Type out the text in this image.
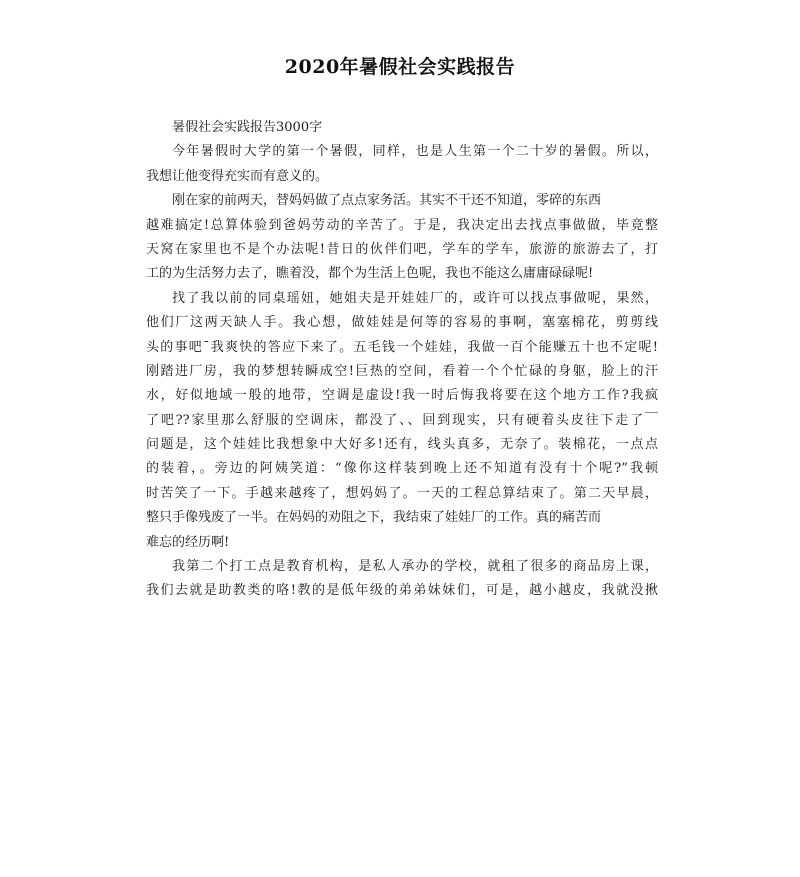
2020年暑假社会实践报告
暑假社会实践报告3000字
今年暑假时大学的第一个暑假，同样，也是人生第一个二十岁的暑假。所以，
我想让他变得充实而有意义的。
刚在家的前两天，替妈妈做了点点家务活。其实不干还不知道，零碎的东西
越难搞定!总算体验到爸妈劳动的辛苦了。于是，我决定出去找点事做做，毕竟整
天窝在家里也不是个办法呢!昔日的伙伴们吧，学车的学车，旅游的旅游去了，打
工的为生活努力去了，瞧着没，都个为生活上色呢，我也不能这么庸庸碌碌呢!
找了我以前的同桌瑶妞，她姐夫是开娃娃厂的，或许可以找点事做呢，果然，
他们厂这两天缺人手。我心想，做娃娃是何等的容易的事啊，塞塞棉花，剪剪线
头的事吧¯我爽快的答应下来了。五毛钱一个娃娃，我做一百个能赚五十也不定呢!
刚踏进厂房，我的梦想转瞬成空!巨热的空间，看着一个个忙碌的身躯，脸上的汗
水，好似地域一般的地带，空调是虚设!我一时后悔我将要在这个地方工作?我疯
了吧??家里那么舒服的空调床，都没了、、回到现实，只有硬着头皮往下走了￣
问题是，这个娃娃比我想象中大好多!还有，线头真多，无奈了。装棉花，一点点
的装着，。旁边的阿姨笑道：“像你这样装到晚上还不知道有没有十个呢?”我顿
时苦笑了一下。手越来越疼了，想妈妈了。一天的工程总算结束了。第二天早晨，
整只手像残废了一半。在妈妈的劝阻之下，我结束了娃娃厂的工作。真的痛苦而
难忘的经历啊!
我第二个打工点是教育机构，是私人承办的学校，就租了很多的商品房上课，
我们去就是助教类的咯!教的是低年级的弟弟妹妹们，可是，越小越皮，我就没揪
